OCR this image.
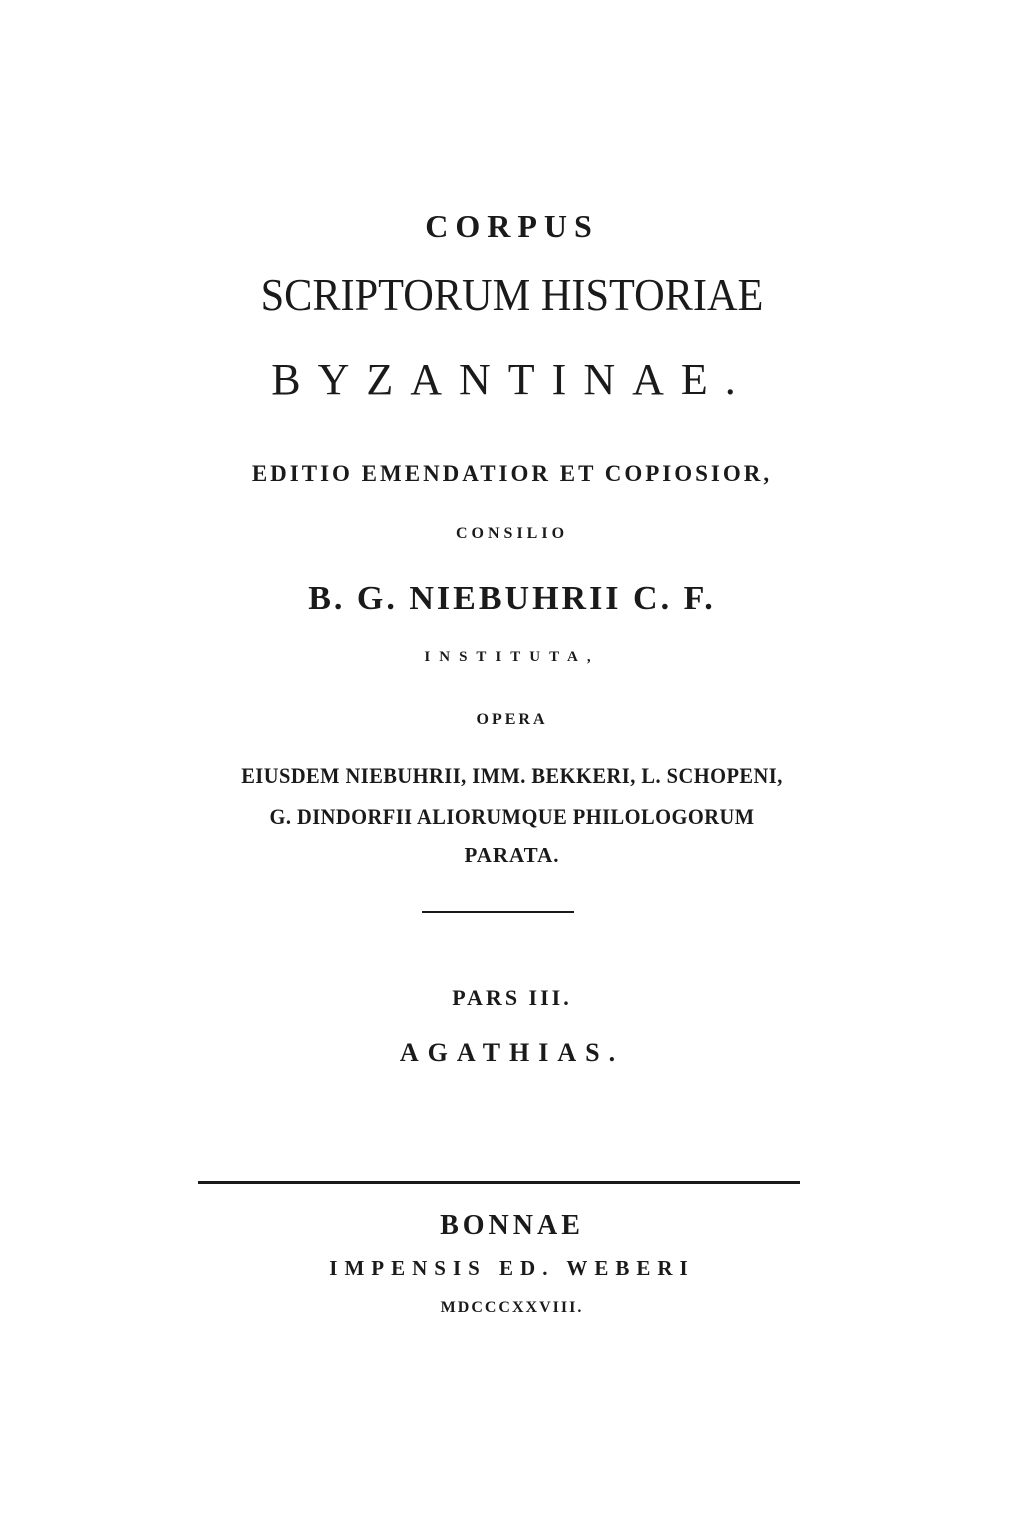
CORPUS
SCRIPTORUM HISTORIAE
BYZANTINAE.
EDITIO EMENDATIOR ET COPIOSIOR,
CONSILIO
B. G. NIEBUHRII C. F.
INSTITUTA,
OPERA
EIUSDEM NIEBUHRII, IMM. BEKKERI, L. SCHOPENI,
G. DINDORFII ALIORUMQUE PHILOLOGORUM
PARATA.
PARS III.
AGATHIAS.
BONNAE
IMPENSIS ED. WEBERI
MDCCCXXVIII.
